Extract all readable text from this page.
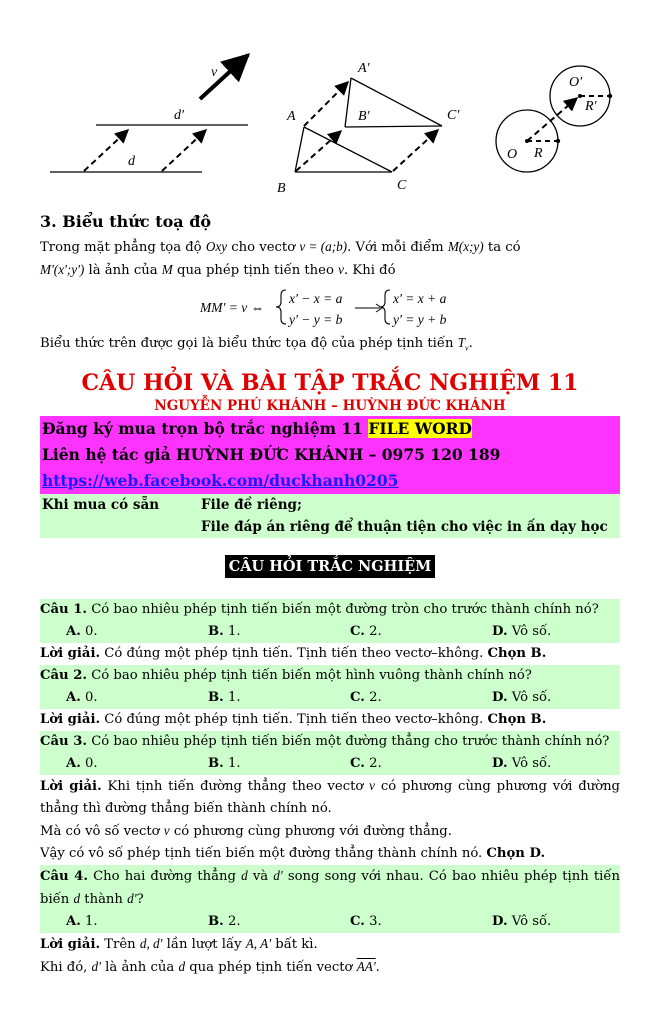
v
d′
d
A′
A	B′	C′
B	C
O′
R′
O R
3. Biểu thức toạ độ

Trong mặt phẳng tọa độ Oxy cho vectơ v = (a;b). Với mỗi điểm M(x;y) ta có
M'(x';y') là ảnh của M qua phép tịnh tiến theo v. Khi đó

MM' = v ⇔
x' − x = a
y' − y = b
x' = x + a
y' = y + b

Biểu thức trên được gọi là biểu thức tọa độ của phép tịnh tiến $T_v$.

CÂU HỎI VÀ BÀI TẬP TRẮC NGHIỆM 11
NGUYỄN PHÚ KHÁNH – HUỲNH ĐỨC KHÁNH
Đăng ký mua trọn bộ trắc nghiệm 11 FILE WORD
Liên hệ tác giả HUỲNH ĐỨC KHÁNH – 0975 120 189
https://web.facebook.com/duckhanh0205
Khi mua có sẵn	File đề riêng;
	File đáp án riêng để thuận tiện cho việc in ấn dạy học
CÂU HỎI TRẮC NGHIỆM

Câu 1. Có bao nhiêu phép tịnh tiến biến một đường tròn cho trước thành chính nó?

A. 0.	B. 1.	C. 2.	D. Vô số.

Lời giải. Có đúng một phép tịnh tiến. Tịnh tiến theo vectơ–không. Chọn B.

Câu 2. Có bao nhiêu phép tịnh tiến biến một hình vuông thành chính nó?

A. 0.	B. 1.	C. 2.	D. Vô số.

Lời giải. Có đúng một phép tịnh tiến. Tịnh tiến theo vectơ–không. Chọn B.

Câu 3. Có bao nhiêu phép tịnh tiến biến một đường thẳng cho trước thành chính nó?

A. 0.	B. 1.	C. 2.	D. Vô số.

Lời giải. Khi tịnh tiến đường thẳng theo vectơ v có phương cùng phương với đường thẳng thì đường thẳng biến thành chính nó.

Mà có vô số vectơ v có phương cùng phương với đường thẳng.

Vậy có vô số phép tịnh tiến biến một đường thẳng thành chính nó. Chọn D.

Câu 4. Cho hai đường thẳng d và d' song song với nhau. Có bao nhiêu phép tịnh tiến biến d thành d'?

A. 1.	B. 2.	C. 3.	D. Vô số.

Lời giải. Trên d, d' lần lượt lấy A, A' bất kì.

Khi đó, d' là ảnh của d qua phép tịnh tiến vectơ AA'.
